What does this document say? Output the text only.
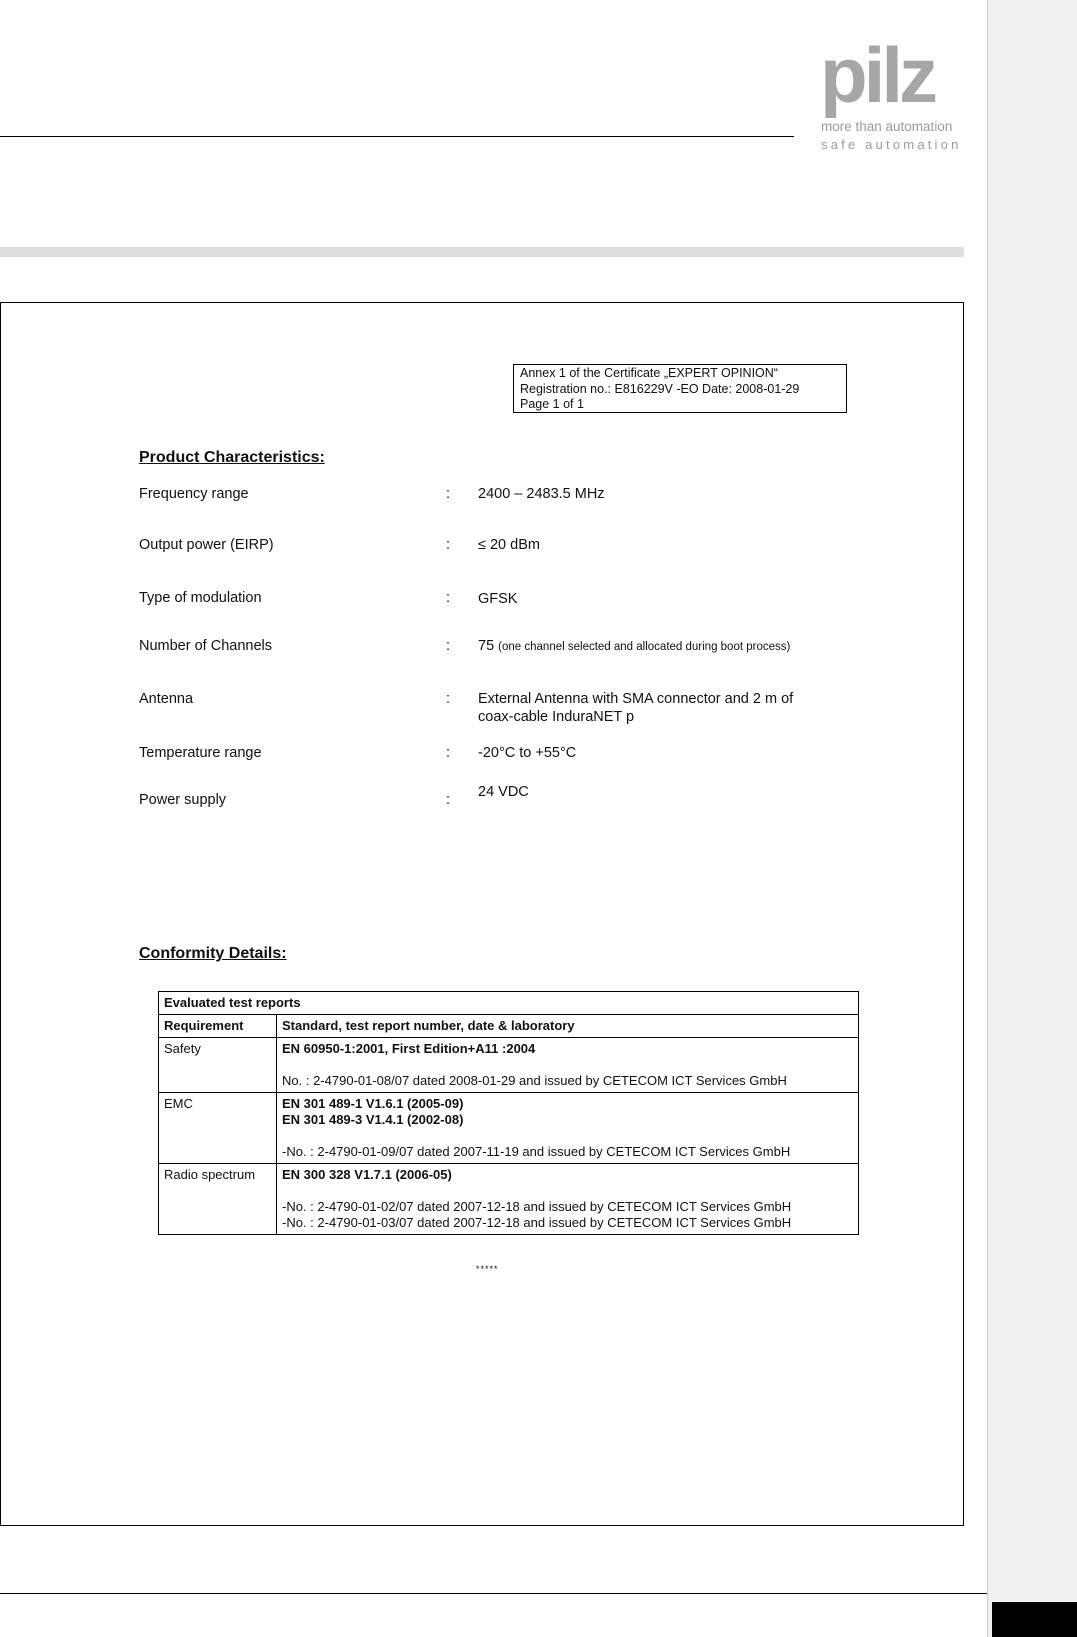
pilz
more than automation
safe automation
Annex 1 of the Certificate „EXPERT OPINION“
Registration no.: E816229V -EO Date: 2008-01-29
Page 1 of 1
Product Characteristics:
Frequency range	: 2400 – 2483.5 MHz
Output power (EIRP)	: ≤ 20 dBm
Type of modulation	: GFSK
Number of Channels	: 75 (one channel selected and allocated during boot process)
Antenna	: External Antenna with SMA connector and 2 m of
coax-cable InduraNET p
Temperature range	: -20°C to +55°C
Power supply	: 24 VDC
Conformity Details:
Evaluated test reports	
Requirement	Standard, test report number, date & laboratory
Safety	EN 60950-1:2001, First Edition+A11 :2004
No. : 2-4790-01-08/07 dated 2008-01-29 and issued by CETECOM ICT Services GmbH

EMC	EN 301 489-1 V1.6.1 (2005-09)
EN 301 489-3 V1.4.1 (2002-08)
-No. : 2-4790-01-09/07 dated 2007-11-19 and issued by CETECOM ICT Services GmbH

Radio spectrum	EN 300 328 V1.7.1 (2006-05)
-No. : 2-4790-01-02/07 dated 2007-12-18 and issued by CETECOM ICT Services GmbH
-No. : 2-4790-01-03/07 dated 2007-12-18 and issued by CETECOM ICT Services GmbH
*****
